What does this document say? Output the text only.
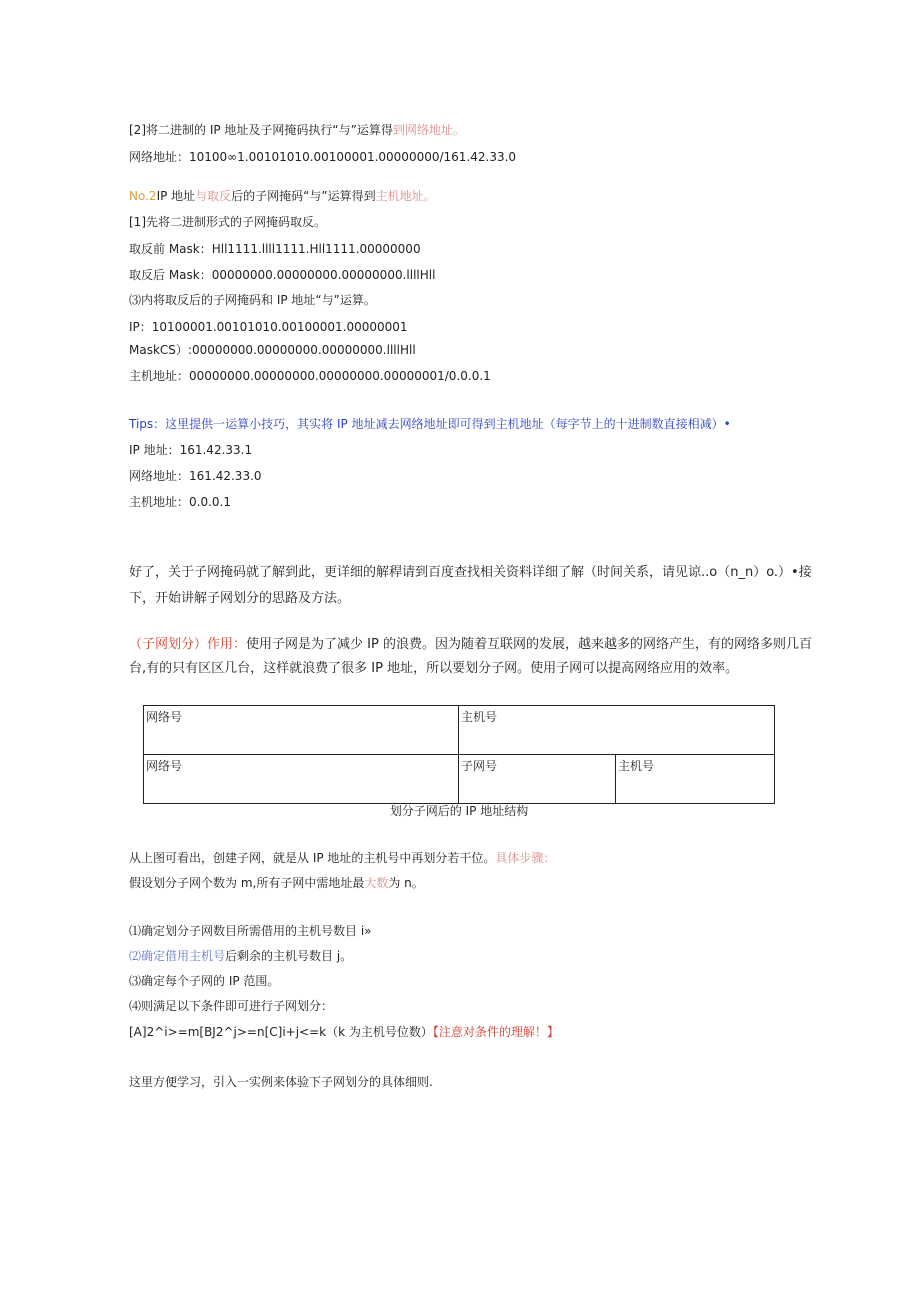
[2]将二进制的 IP 地址及子网掩码执行“与”运算得到网络地址。
网络地址：10100∞1.00101010.00100001.00000000/161.42.33.0
No.2IP 地址与取反后的子网掩码“与”运算得到主机地址。
[1]先将二进制形式的子网掩码取反。
取反前 Mask：Hll1111.llll1111.Hll1111.00000000
取反后 Mask：00000000.00000000.00000000.llllHll
⑶内将取反后的子网掩码和 IP 地址“与”运算。
IP：10100001.00101010.00100001.00000001
MaskCS）:00000000.00000000.00000000.llllHll
主机地址：00000000.00000000.00000000.00000001/0.0.0.1
Tips：这里提供一运算小技巧，其实将 IP 地址减去网络地址即可得到主机地址（每字节上的十进制数直接相减）•
IP 地址：161.42.33.1
网络地址：161.42.33.0
主机地址：0.0.0.1
好了，关于子网掩码就了解到此，更详细的解稈请到百度查找相关资料详细了解（时间关系，请见谅..o（n_n）o.）•接
下，开始讲解子网划分的思路及方法。
（子网划分）作用：使用子网是为了减少 IP 的浪费。因为随着互联网的发展，越来越多的网络产生，有的网络多则几百
台,有的只有区区几台，这样就浪费了很多 IP 地址，所以要划分子网。使用子网可以提高网络应用的效率。
网络号	主机号	
网络号	子网号	主机号
划分子网后的 IP 地址结构
从上图可看出，创建子网，就是从 IP 地址的主机号中再划分若干位。具体步骤：
假设划分子网个数为 m,所有子网中需地址最大数为 n。
⑴确定划分子网数目所需借用的主机号数目 i»
⑵确定借用主机号后剩余的主机号数目 j。
⑶确定每个子网的 IP 范围。
⑷则满足以下条件即可进行子网划分：
[A]2^i>=m[BJ2^j>=n[C]i+j<=k（k 为主机号位数）【注意对条件的理解！】
这里方便学习，引入一实例来体验下子网划分的具体细则.
